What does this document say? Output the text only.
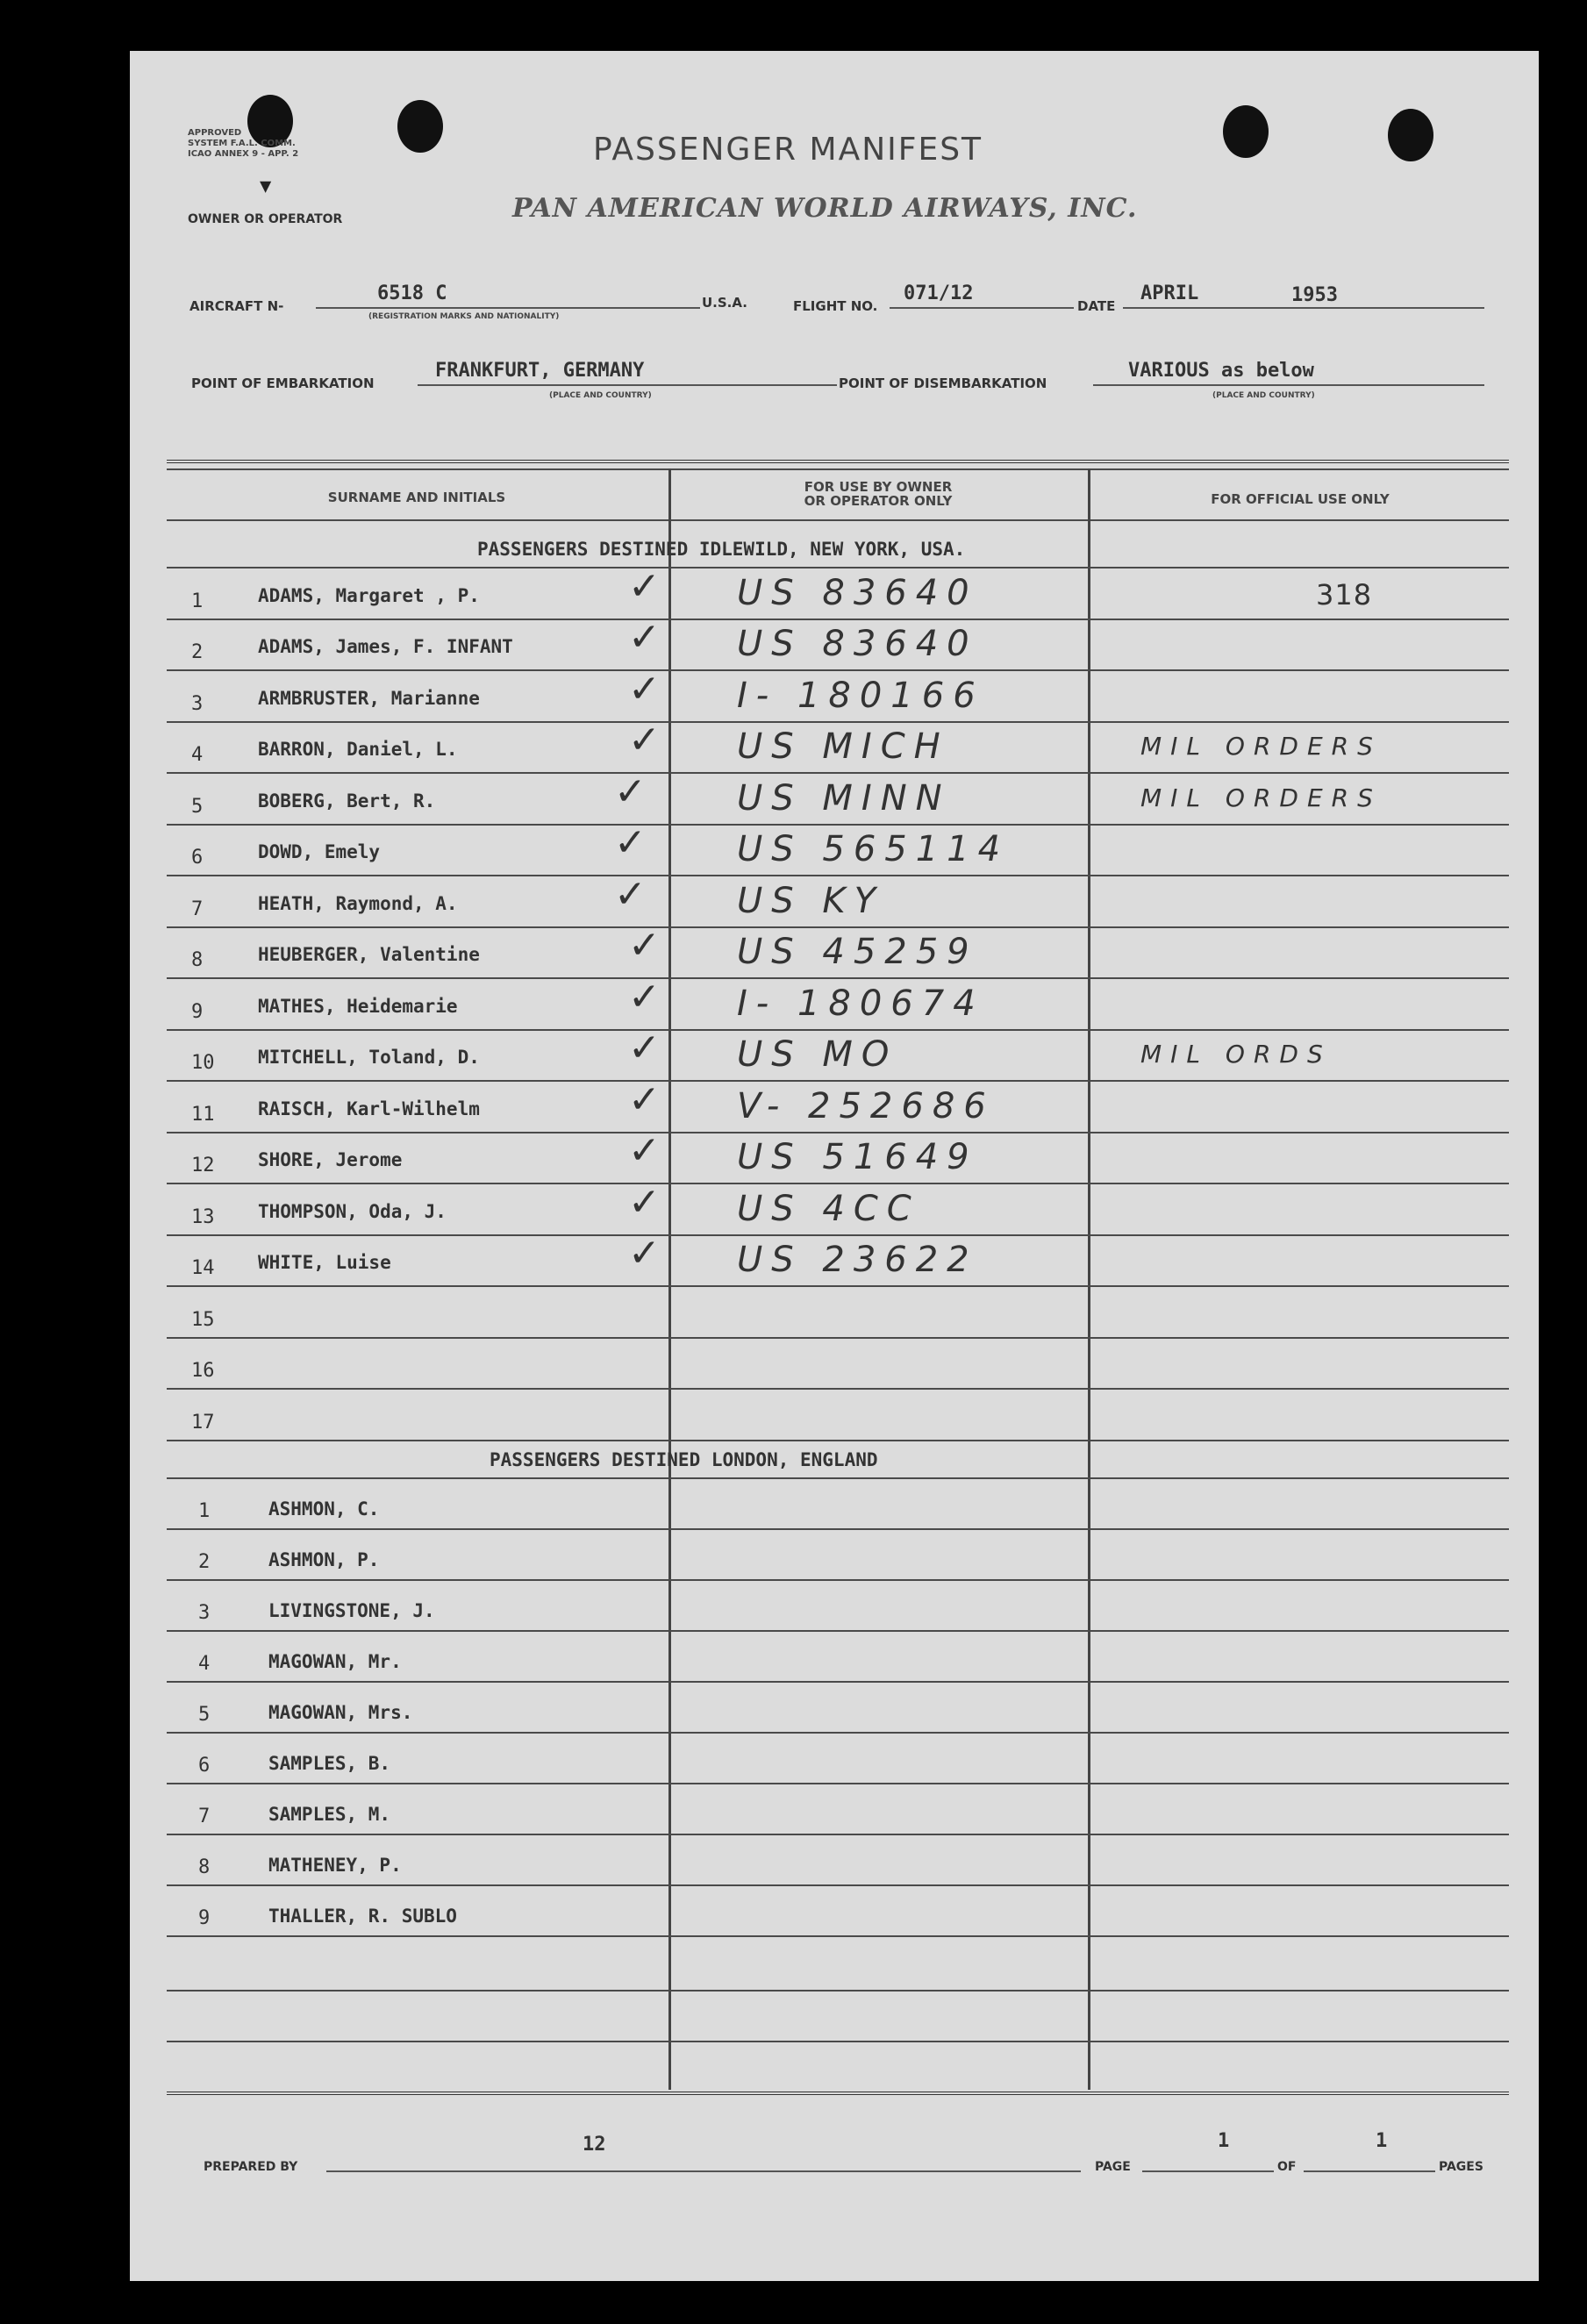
APPROVED
SYSTEM F.A.L. COMM.
ICAO ANNEX 9 - APP. 2
▼
OWNER OR OPERATOR
PASSENGER MANIFEST
PAN AMERICAN WORLD AIRWAYS, INC.
AIRCRAFT N-
6518 C
(REGISTRATION MARKS AND NATIONALITY)
U.S.A.	FLIGHT NO.
071/12
DATE
APRIL	1953
POINT OF EMBARKATION
FRANKFURT, GERMANY
(PLACE AND COUNTRY)
POINT OF DISEMBARKATION
VARIOUS as below
(PLACE AND COUNTRY)
SURNAME AND INITIALS
FOR USE BY OWNER
OR OPERATOR ONLY	FOR OFFICIAL USE ONLY
PASSENGERS DESTINED IDLEWILD, NEW YORK, USA.
1	ADAMS, Margaret , P.	✓ US 83640	318
2	ADAMS, James, F. INFANT	✓ US 83640
3	ARMBRUSTER, Marianne	✓ I- 180166
4	BARRON, Daniel, L.	✓ US MICH	MIL ORDERS
5	BOBERG, Bert, R.	✓	US MINN	MIL ORDERS
6	DOWD, Emely	✓	US 565114
7	HEATH, Raymond, A.	✓	US KY
8	HEUBERGER, Valentine	✓ US 45259
9	MATHES, Heidemarie	✓ I- 180674
10	MITCHELL, Toland, D.	✓ US MO	MIL ORDS
11	RAISCH, Karl-Wilhelm	✓ V- 252686
12	SHORE, Jerome	✓ US 51649
13	THOMPSON, Oda, J.	✓ US 4CC
14	WHITE, Luise	✓ US 23622
15
16
17
PASSENGERS DESTINED LONDON, ENGLAND
1	ASHMON, C.
2	ASHMON, P.
3	LIVINGSTONE, J.
4	MAGOWAN, Mr.
5	MAGOWAN, Mrs.
6	SAMPLES, B.
7	SAMPLES, M.
8	MATHENEY, P.
9	THALLER, R. SUBLO
PREPARED BY
12
PAGE
1
OF
1
PAGES
